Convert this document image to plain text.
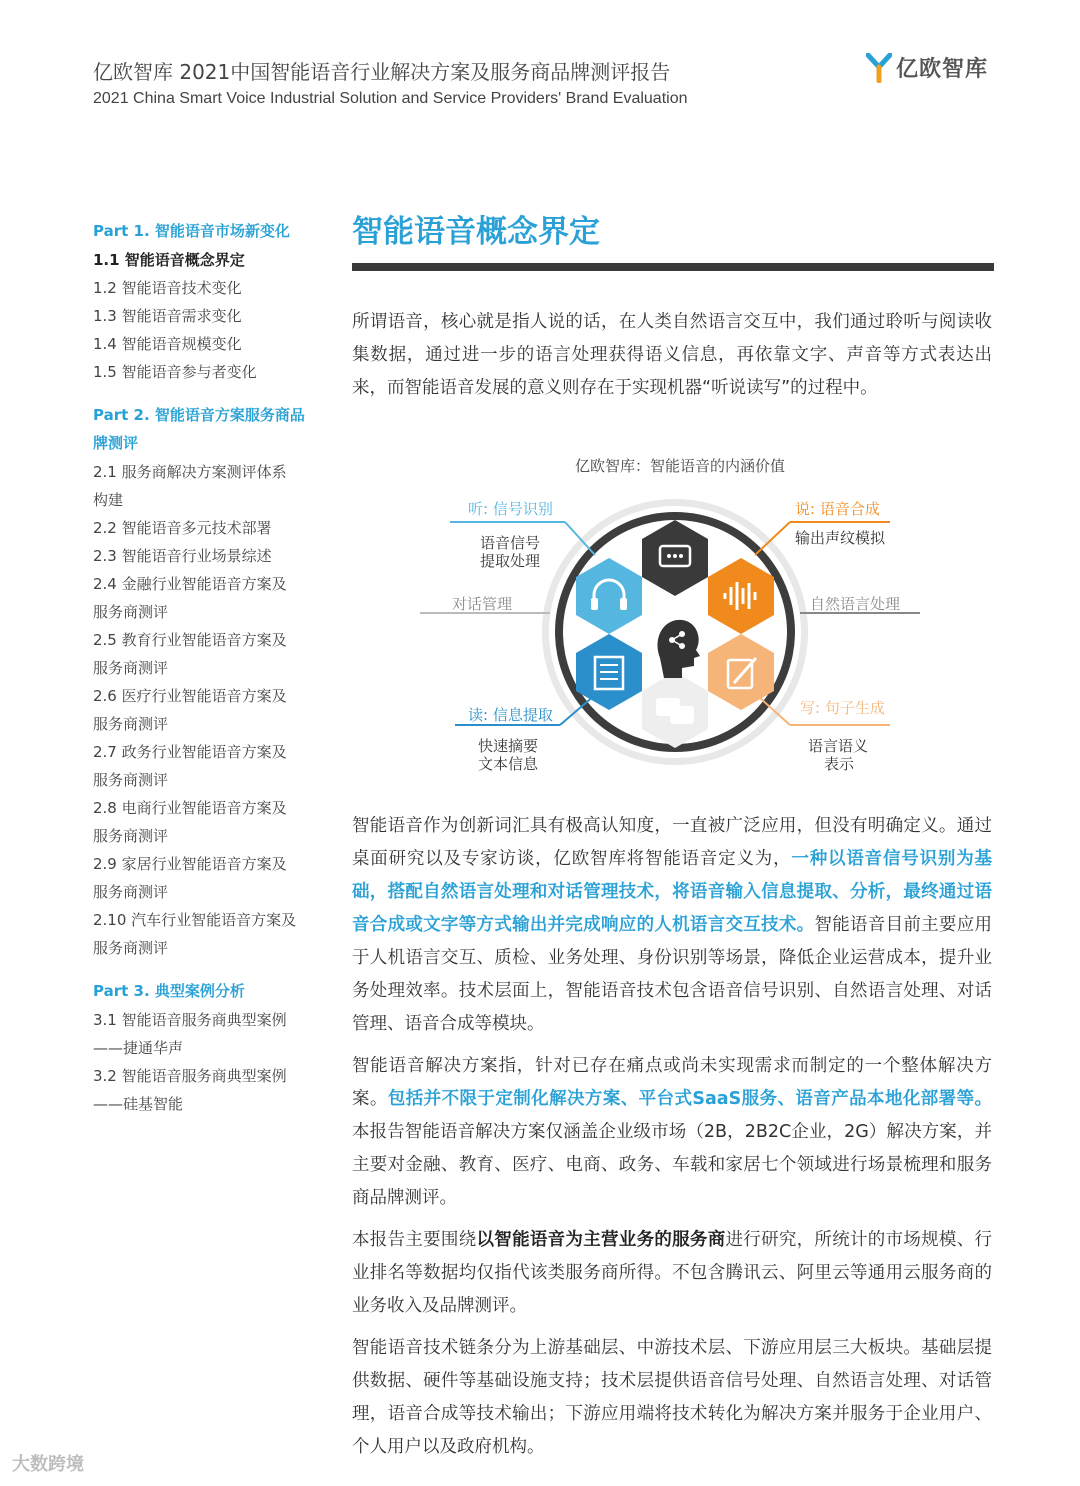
亿欧智库 2021中国智能语音行业解决方案及服务商品牌测评报告
2021 China Smart Voice Industrial Solution and Service Providers' Brand Evaluation
亿欧智库
Part 1. 智能语音市场新变化
1.1 智能语音概念界定
1.2 智能语音技术变化
1.3 智能语音需求变化
1.4 智能语音规模变化
1.5 智能语音参与者变化
Part 2. 智能语音方案服务商品
牌测评
2.1 服务商解决方案测评体系
构建
2.2 智能语音多元技术部署
2.3 智能语音行业场景综述
2.4 金融行业智能语音方案及
服务商测评
2.5 教育行业智能语音方案及
服务商测评
2.6 医疗行业智能语音方案及
服务商测评
2.7 政务行业智能语音方案及
服务商测评
2.8 电商行业智能语音方案及
服务商测评
2.9 家居行业智能语音方案及
服务商测评
2.10 汽车行业智能语音方案及
服务商测评
Part 3. 典型案例分析
3.1 智能语音服务商典型案例
——捷通华声
3.2 智能语音服务商典型案例
——硅基智能
智能语音概念界定
所谓语音，核心就是指人说的话，在人类自然语言交互中，我们通过聆听与阅读收集数据，通过进一步的语言处理获得语义信息，再依靠文字、声音等方式表达出来，而智能语音发展的意义则存在于实现机器“听说读写”的过程中。
亿欧智库：智能语音的内涵价值
听: 信号识别
语音信号
提取处理
说: 语音合成
输出声纹模拟
对话管理	自然语言处理
读: 信息提取
快速摘要
文本信息
写: 句子生成
语言语义
表示
智能语音作为创新词汇具有极高认知度，一直被广泛应用，但没有明确定义。通过桌面研究以及专家访谈，亿欧智库将智能语音定义为，一种以语音信号识别为基础，搭配自然语言处理和对话管理技术，将语音输入信息提取、分析，最终通过语音合成或文字等方式输出并完成响应的人机语言交互技术。智能语音目前主要应用于人机语言交互、质检、业务处理、身份识别等场景，降低企业运营成本，提升业务处理效率。技术层面上，智能语音技术包含语音信号识别、自然语言处理、对话管理、语音合成等模块。
智能语音解决方案指，针对已存在痛点或尚未实现需求而制定的一个整体解决方案。包括并不限于定制化解决方案、平台式SaaS服务、语音产品本地化部署等。本报告智能语音解决方案仅涵盖企业级市场（2B，2B2C企业，2G）解决方案，并主要对金融、教育、医疗、电商、政务、车载和家居七个领域进行场景梳理和服务商品牌测评。
本报告主要围绕以智能语音为主营业务的服务商进行研究，所统计的市场规模、行业排名等数据均仅指代该类服务商所得。不包含腾讯云、阿里云等通用云服务商的业务收入及品牌测评。
智能语音技术链条分为上游基础层、中游技术层、下游应用层三大板块。基础层提供数据、硬件等基础设施支持；技术层提供语音信号处理、自然语言处理、对话管理，语音合成等技术输出；下游应用端将技术转化为解决方案并服务于企业用户、个人用户以及政府机构。
大数跨境
